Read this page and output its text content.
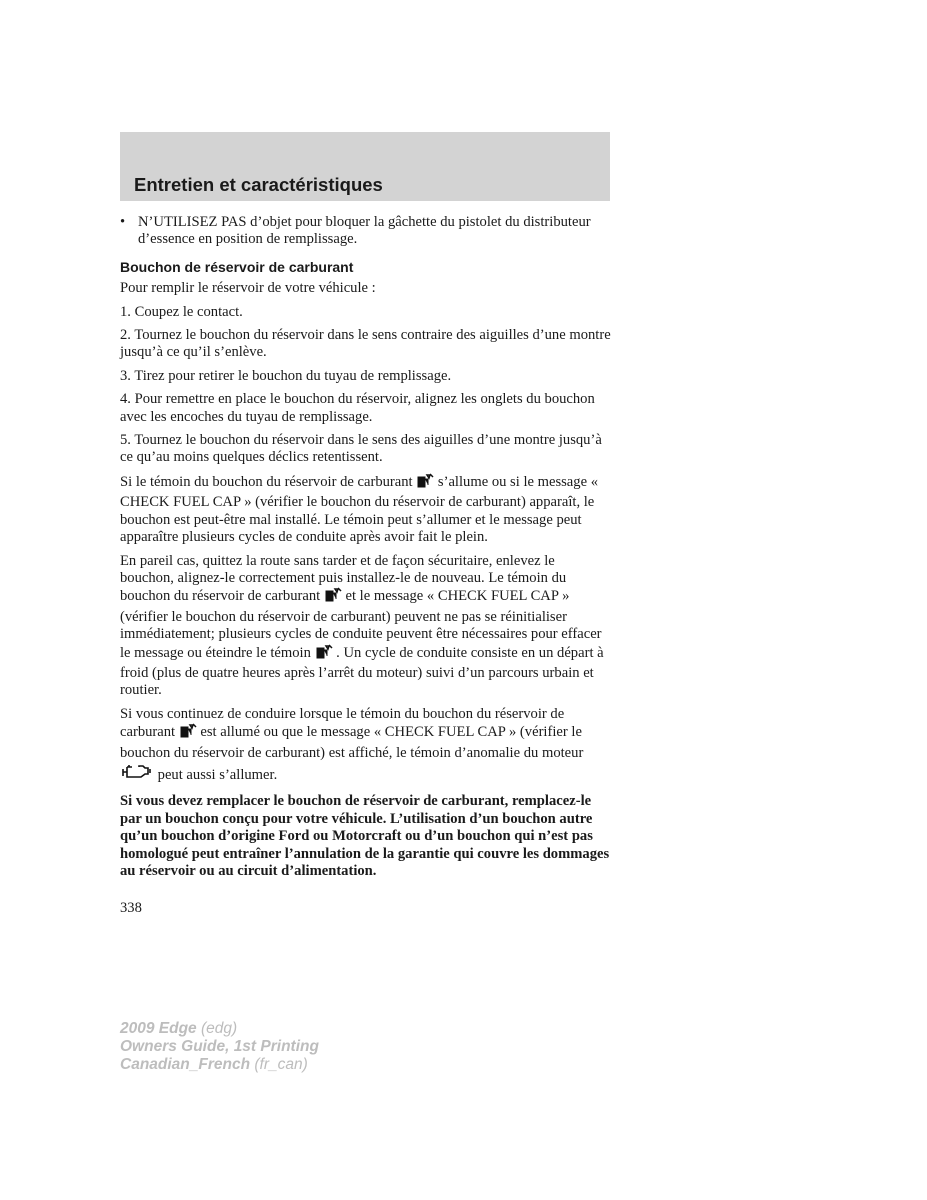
Entretien et caractéristiques
• N’UTILISEZ PAS d’objet pour bloquer la gâchette du pistolet du distributeur d’essence en position de remplissage.
Bouchon de réservoir de carburant

Pour remplir le réservoir de votre véhicule :

1. Coupez le contact.

2. Tournez le bouchon du réservoir dans le sens contraire des aiguilles d’une montre jusqu’à ce qu’il s’enlève.

3. Tirez pour retirer le bouchon du tuyau de remplissage.

4. Pour remettre en place le bouchon du réservoir, alignez les onglets du bouchon avec les encoches du tuyau de remplissage.

5. Tournez le bouchon du réservoir dans le sens des aiguilles d’une montre jusqu’à ce qu’au moins quelques déclics retentissent.

Si le témoin du bouchon du réservoir de carburant  s’allume ou si le message « CHECK FUEL CAP » (vérifier le bouchon du réservoir de carburant) apparaît, le bouchon est peut-être mal installé. Le témoin peut s’allumer et le message peut apparaître plusieurs cycles de conduite après avoir fait le plein.

En pareil cas, quittez la route sans tarder et de façon sécuritaire, enlevez le bouchon, alignez-le correctement puis installez-le de nouveau. Le témoin du bouchon du réservoir de carburant  et le message « CHECK FUEL CAP » (vérifier le bouchon du réservoir de carburant) peuvent ne pas se réinitialiser immédiatement; plusieurs cycles de conduite peuvent être nécessaires pour effacer le message ou éteindre le témoin  . Un cycle de conduite consiste en un départ à froid (plus de quatre heures après l’arrêt du moteur) suivi d’un parcours urbain et routier.

Si vous continuez de conduire lorsque le témoin du bouchon du réservoir de carburant  est allumé ou que le message « CHECK FUEL CAP » (vérifier le bouchon du réservoir de carburant) est affiché, le témoin d’anomalie du moteur  peut aussi s’allumer.

Si vous devez remplacer le bouchon de réservoir de carburant, remplacez-le par un bouchon conçu pour votre véhicule. L’utilisation d’un bouchon autre qu’un bouchon d’origine Ford ou Motorcraft ou d’un bouchon qui n’est pas homologué peut entraîner l’annulation de la garantie qui couvre les dommages au réservoir ou au circuit d’alimentation.

338
2009 Edge (edg)
Owners Guide, 1st Printing
Canadian_French (fr_can)
